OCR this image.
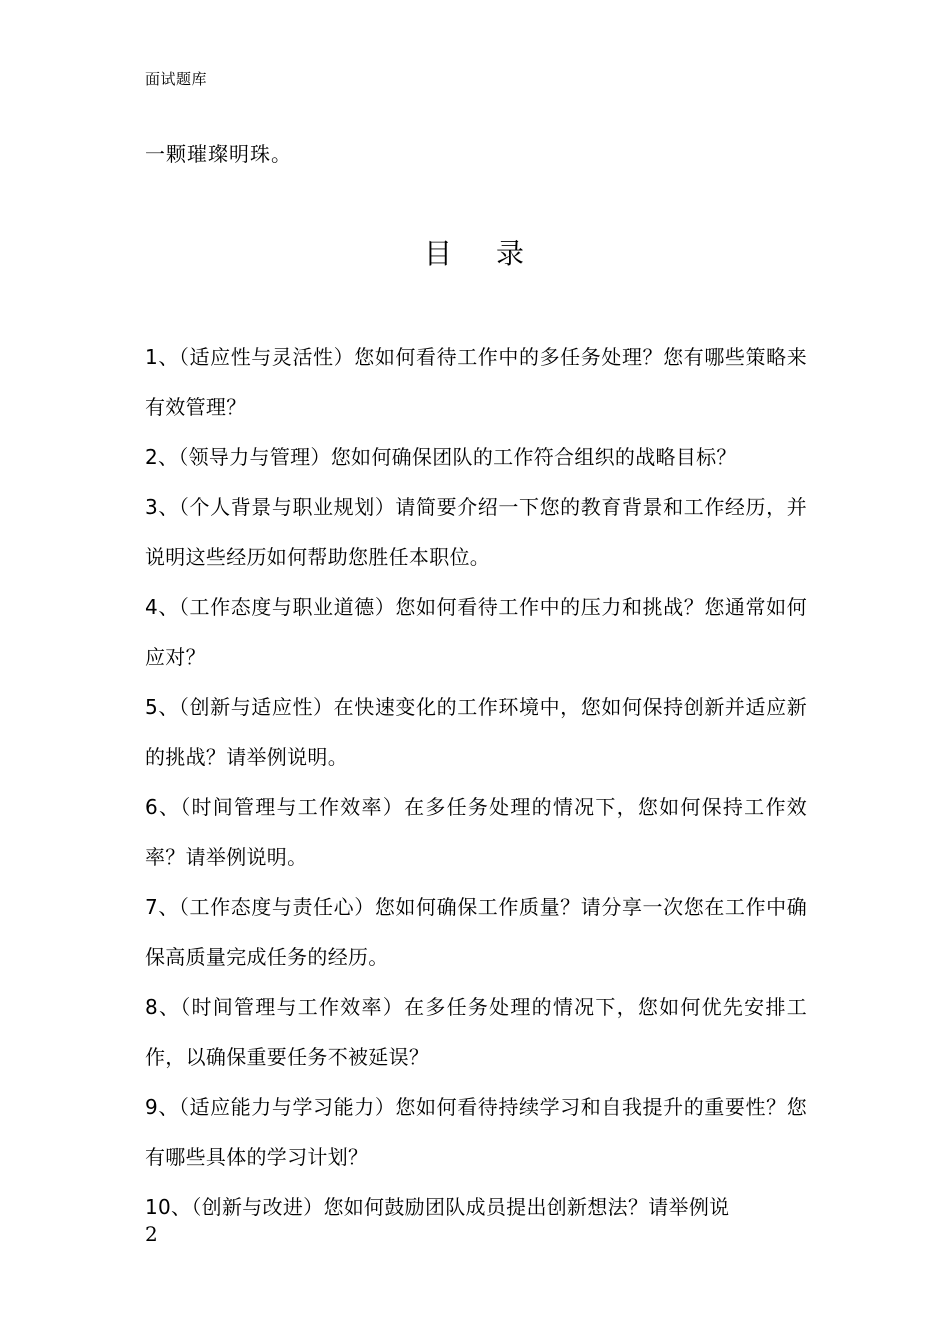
面试题库
一颗璀璨明珠。
目 录
1、（适应性与灵活性）您如何看待工作中的多任务处理？您有哪些策略来有效管理？
2、（领导力与管理）您如何确保团队的工作符合组织的战略目标？
3、（个人背景与职业规划）请简要介绍一下您的教育背景和工作经历，并说明这些经历如何帮助您胜任本职位。
4、（工作态度与职业道德）您如何看待工作中的压力和挑战？您通常如何应对？
5、（创新与适应性）在快速变化的工作环境中，您如何保持创新并适应新的挑战？请举例说明。
6、（时间管理与工作效率）在多任务处理的情况下，您如何保持工作效率？请举例说明。
7、（工作态度与责任心）您如何确保工作质量？请分享一次您在工作中确保高质量完成任务的经历。
8、（时间管理与工作效率）在多任务处理的情况下，您如何优先安排工作，以确保重要任务不被延误？
9、（适应能力与学习能力）您如何看待持续学习和自我提升的重要性？您有哪些具体的学习计划？
10、（创新与改进）您如何鼓励团队成员提出创新想法？请举例说
2
